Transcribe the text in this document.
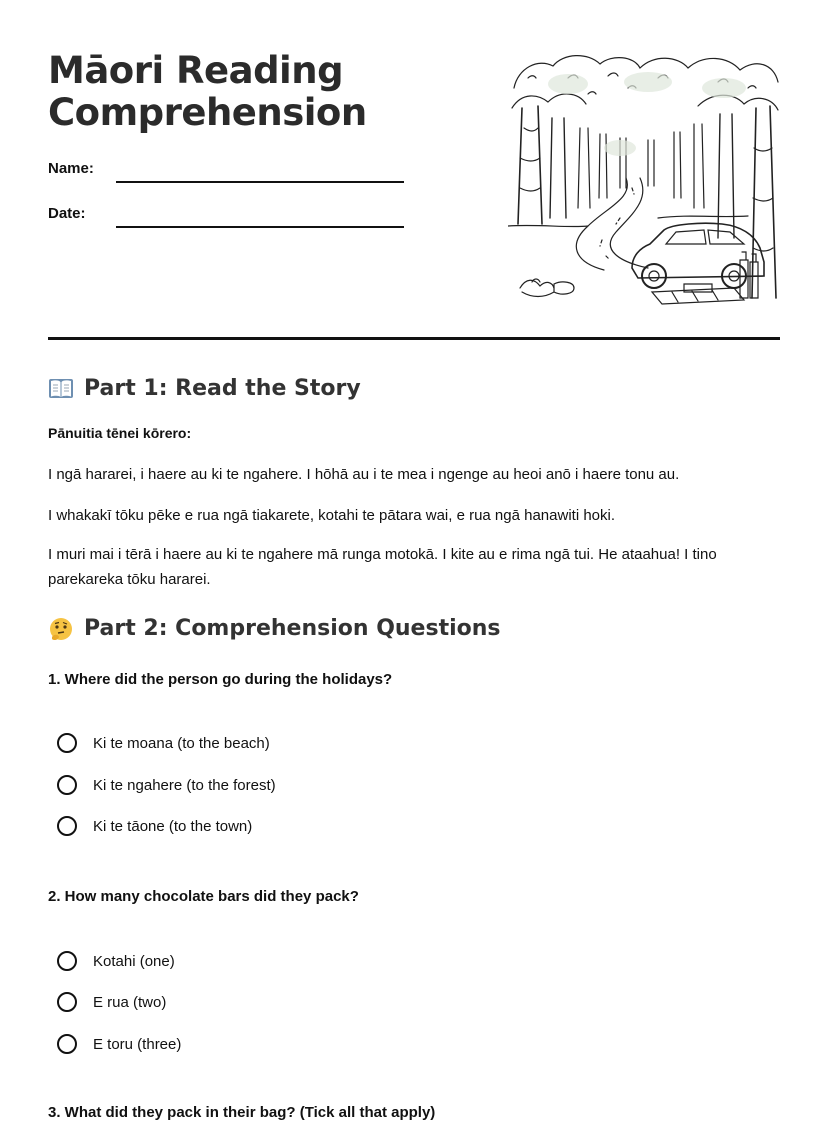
Māori Reading
Comprehension
Name:
Date:
Part 1: Read the Story
Pānuitia tēnei kōrero:

I ngā hararei, i haere au ki te ngahere. I hōhā au i te mea i ngenge au heoi anō i haere tonu au.

I whakakī tōku pēke e rua ngā tiakarete, kotahi te pātara wai, e rua ngā hanawiti hoki.

I muri mai i tērā i haere au ki te ngahere mā runga motokā. I kite au e rima ngā tui. He ataahua! I tino parekareka tōku hararei.

Part 2: Comprehension Questions
1. Where did the person go during the holidays?
Ki te moana (to the beach)
Ki te ngahere (to the forest)
Ki te tāone (to the town)
2. How many chocolate bars did they pack?
Kotahi (one)
E rua (two)
E toru (three)
3. What did they pack in their bag? (Tick all that apply)
